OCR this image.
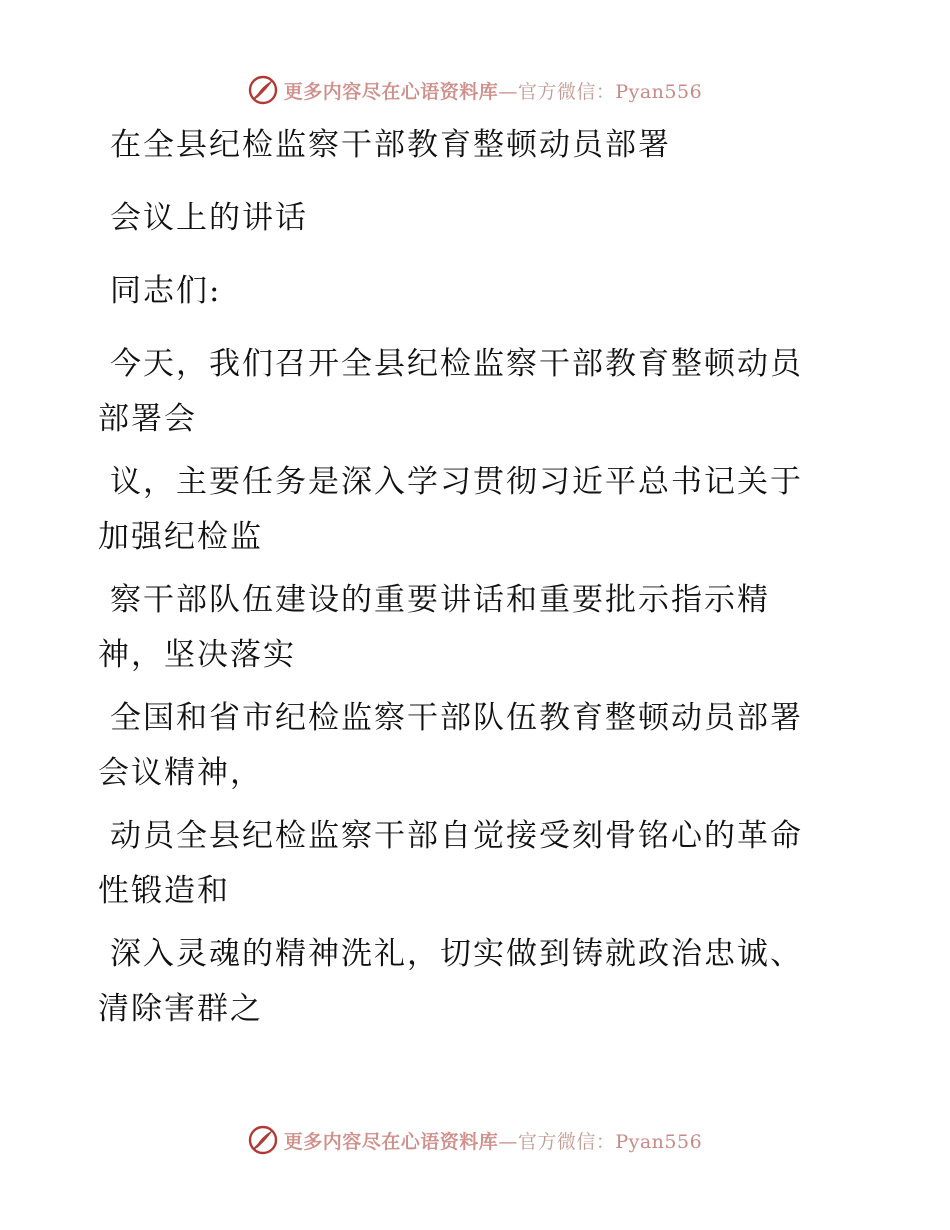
更多内容尽在心语资料库—官方微信：Pyan556
在全县纪检监察干部教育整顿动员部署
会议上的讲话
同志们:
今天，我们召开全县纪检监察干部教育整顿动员
部署会
议，主要任务是深入学习贯彻习近平总书记关于
加强纪检监
察干部队伍建设的重要讲话和重要批示指示精
神，坚决落实
全国和省市纪检监察干部队伍教育整顿动员部署
会议精神，
动员全县纪检监察干部自觉接受刻骨铭心的革命
性锻造和
深入灵魂的精神洗礼，切实做到铸就政治忠诚、
清除害群之
更多内容尽在心语资料库—官方微信：Pyan556
